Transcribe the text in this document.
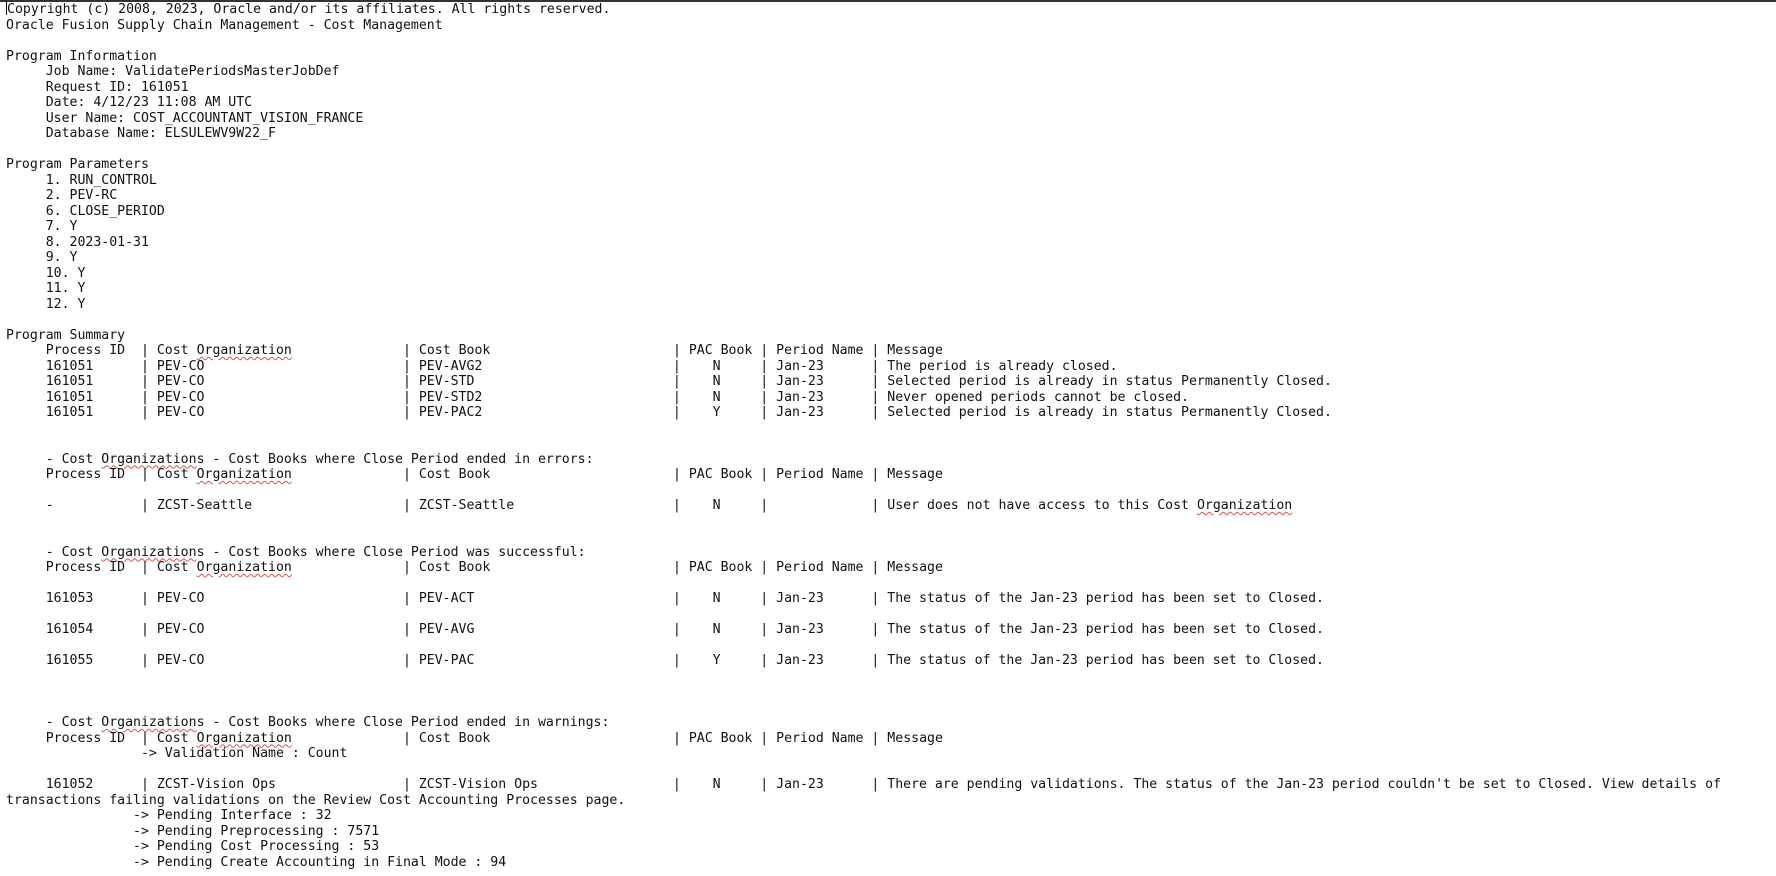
Copyright (c) 2008, 2023, Oracle and/or its affiliates. All rights reserved.
Oracle Fusion Supply Chain Management - Cost Management
Program Information
Job Name: ValidatePeriodsMasterJobDef
Request ID: 161051
Date: 4/12/23 11:08 AM UTC
User Name: COST_ACCOUNTANT_VISION_FRANCE
Database Name: ELSULEWV9W22_F
Program Parameters
1. RUN_CONTROL
2. PEV-RC
6. CLOSE_PERIOD
7. Y
8. 2023-01-31
9. Y
10. Y
11. Y
12. Y
Program Summary
Process ID  | Cost Organization              | Cost Book                       | PAC Book | Period Name | Message
161051      | PEV-CO                         | PEV-AVG2                        |    N     | Jan-23      | The period is already closed.
161051      | PEV-CO                         | PEV-STD                         |    N     | Jan-23      | Selected period is already in status Permanently Closed.
161051      | PEV-CO                         | PEV-STD2                        |    N     | Jan-23      | Never opened periods cannot be closed.
161051      | PEV-CO                         | PEV-PAC2                        |    Y     | Jan-23      | Selected period is already in status Permanently Closed.
- Cost Organizations - Cost Books where Close Period ended in errors:
Process ID  | Cost Organization              | Cost Book                       | PAC Book | Period Name | Message
-           | ZCST-Seattle                   | ZCST-Seattle                    |    N     |             | User does not have access to this Cost Organization
- Cost Organizations - Cost Books where Close Period was successful:
Process ID  | Cost Organization              | Cost Book                       | PAC Book | Period Name | Message
161053      | PEV-CO                         | PEV-ACT                         |    N     | Jan-23      | The status of the Jan-23 period has been set to Closed.
161054      | PEV-CO                         | PEV-AVG                         |    N     | Jan-23      | The status of the Jan-23 period has been set to Closed.
161055      | PEV-CO                         | PEV-PAC                         |    Y     | Jan-23      | The status of the Jan-23 period has been set to Closed.
- Cost Organizations - Cost Books where Close Period ended in warnings:
Process ID  | Cost Organization              | Cost Book                       | PAC Book | Period Name | Message
-> Validation Name : Count
161052      | ZCST-Vision Ops                | ZCST-Vision Ops                 |    N     | Jan-23      | There are pending validations. The status of the Jan-23 period couldn't be set to Closed. View details of
transactions failing validations on the Review Cost Accounting Processes page.
-> Pending Interface : 32
-> Pending Preprocessing : 7571
-> Pending Cost Processing : 53
-> Pending Create Accounting in Final Mode : 94
